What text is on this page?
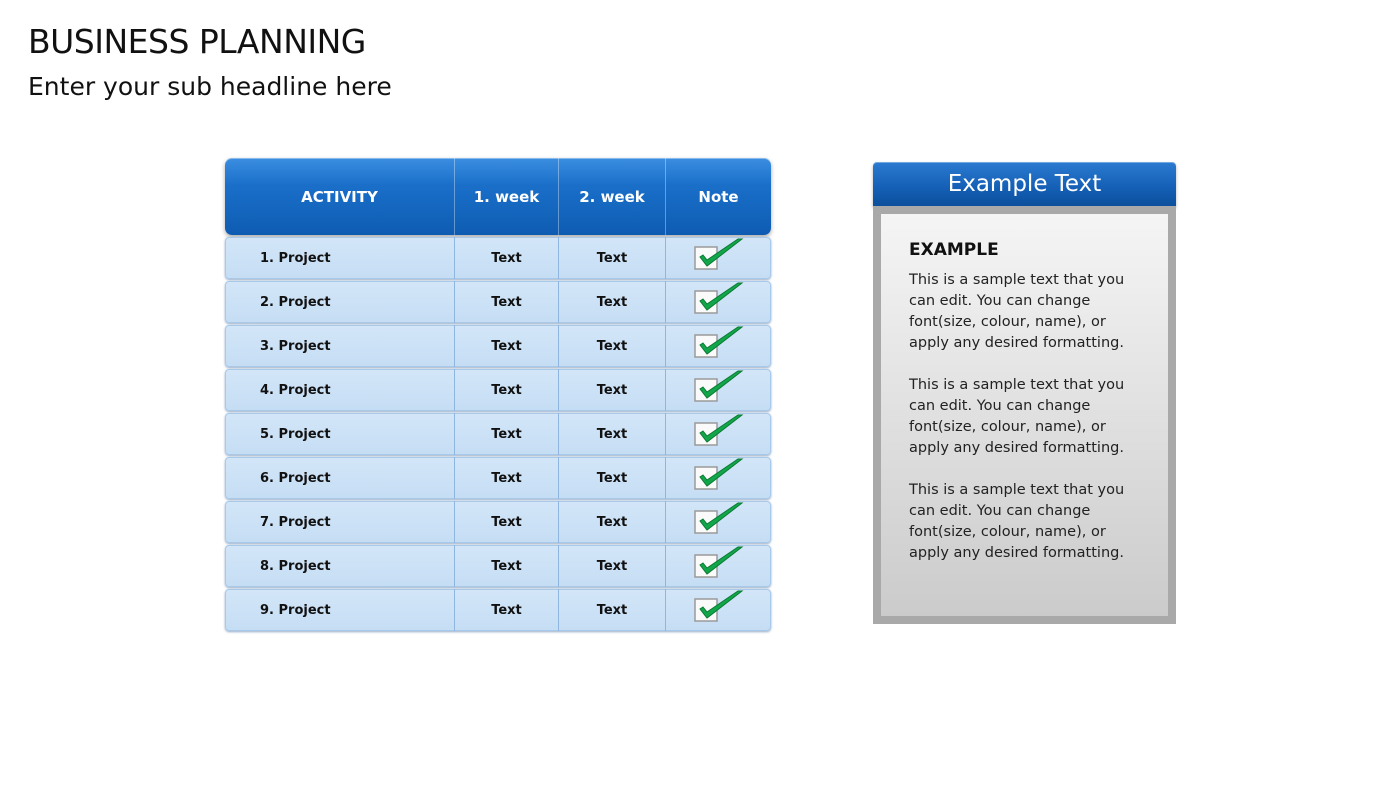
BUSINESS PLANNING
Enter your sub headline here
ACTIVITY	1. week	2. week	Note
1. Project	Text	Text
2. Project	Text	Text
3. Project	Text	Text
4. Project	Text	Text
5. Project	Text	Text
6. Project	Text	Text
7. Project	Text	Text
8. Project	Text	Text
9. Project	Text	Text
Example Text
EXAMPLE

This is a sample text that you can edit. You can change font(size, colour, name), or apply any desired formatting.

This is a sample text that you can edit. You can change font(size, colour, name), or apply any desired formatting.

This is a sample text that you can edit. You can change font(size, colour, name), or apply any desired formatting.
